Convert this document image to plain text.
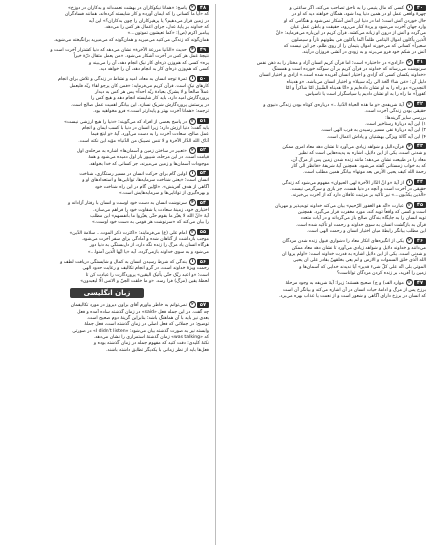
۴۰
۱
کسی که مال یتیمی را به ناحق تصاحب می‌کند، اگر ساعتی و

چهرهٔ واقعی عمل او در همین دنیا پیدا شود، همگان خواهند دید که او در
حال خوردن آتش است؛ اما در دنیا این آتش آشکار نمی‌شود و هنگامی که او
وارد جهان آخرت می‌شود و پردهٔ کنار می‌رود، حقیقت و باطن عمل عیان
می‌گردد و آتش از درون او زبانه می‌کشد. قرآن کریم در این‌باره می‌فرماید: «انّ
الّذین یأکلون اموال الیتامی ظلماً انّما یأکلون فی بطونهم ناراً و سیصلون
سعیراً» کسانی که می‌خورند اموال یتیمان را از روی ظلم، جز این نیست که
آتش در شکم خود فرو می‌برند و به زودی در آتشی فروزان درآیند.
۴۱
۲
«آزادی» در «اختیار» است؛ اما قرآن کریم انسان آزاد و مختار را به ذهن نفس

سرنوشت می‌رساند که خداوند در قرآن کریم بر آن سوگند خورده است و همسنگ
«خداوند یکسان کسی که آزادی و اختیار انسان آفریده شده است.» ازادی و اختیار انسان
دلیل آن: «مَن شاءَ اتّخذ الی ربّه سبیلا» و اختیار انسان می‌باشد. «و هدیناه
النجدین» دو راه را به او نشان داده‌ایم و «انّا هدیناه السّبیل امّا شاکراً و امّا
کفوراً» ما راه را به او نشان دادیم یا سپاسگزار است یا ناسپاس.
۴۲
۳
آیهٔ شریفه‌ی «و ما هذه الحیاة الدّنیا...» درباره‌ی کوتاه بودن زندگی دنیوی و

حقیقی بودن زندگی آخرت است.
بررسی سایر گزینه‌ها:
۱) این آیه دربارهٔ رستاخیز است.
۲) این آیه دربارهٔ نفی مسیر رسیدن به قرب الهی است.
۴) این آیه گالهٔ ویژگی بهشتیان و پاداش اعمال است.
۴۳
۴
قرآن‌دالیل و شواهد زیادی می‌آورد تا نشان دهد معاد امری ممکن

و شدنی است، یکی از این دلایل، اشاره به پدیده‌هایی است که نظیر
معاد را در طبیعت نشان می‌دهد؛ مانند زنده شدن زمین پس از مرگ آن،
که به خواب زمستانی گفته می‌شود. همچنین آیهٔ شریفهٔ «فانظر الی آثار
رحمة الله کیف یحیی الأرض بعد موتها» بیانگر همین مطلب است.
۴۴
۱
از آیهٔ «و انّ الدّار الآخرة لهی الحیوان» مفهوم می‌شود که زندگی

حقیقی در آخرت است و آنچه در دنیا هست، جز بازی و سرگرمی نیست.
«الّذین یکذّبون...» نیز تأکید بر مرتبت غافلان دارد که از آخرت بی‌خبرند.
۴۵
۳
عبارت «انّه هو الغفور الرّحیم» بیان می‌کند خداوند توبه‌پذیر و مهربان

است و کسی که واقعاً توبه کند، مورد مغفرت قرار می‌گیرد. همچنین
توبه انسان را به جایگاه بندگان صالح باز می‌گرداند و در آیات متعدد
قرآن به بازگشت انسان به سوی خداوند و رحمت او تأکید شده است.
این مطلب بیانگر رابطهٔ میان اختیار انسان و رحمت الهی است.
۴۶
۲
یکی از انگیزه‌های انکار معاد را دشواری قبول زنده شدن مردگان

می‌دانند و خداوند دلایل و شواهد زیادی می‌آورد تا نشان دهد معاد ممکن
و شدنی است. یکی از این دلایل اشاره به قدرت خداوند است: «اولم یروا ان
الله الّذی خلق السموات و الارض و لم یعی بخلقهنّ بقادر علی ان یحیی
الموتی بلی انّه علی کلّ شیء قدیر» آیا ندیدند خدایی که آسمان‌ها و
زمین را آفرید، بر زنده کردن مردگان تواناست؟
۴۷
۳
موارد الف) و ج) صحیح هستند؛ زیرا: آیهٔ شریفه به وجود مرحلهٔ

برزخ پس از مرگ و ادامهٔ حیات انسان در آن اشاره می‌کند و بیانگر آن است
که انسان در برزخ دارای آگاهی و شعور است و از نعمت یا عذاب بهره می‌برد.
۴۸
۲
پاسخ: «همانا نیکوکاران در بهشت نعمت‌اند و بدکاران در دوزخ»

که «آیا ما کسانی را که ایمان آورده و کار شایسته کرده‌اند، همانند فسادگران
در زمین قرار می‌دهیم؟ یا پرهیزکاران را چون بدکاران؟» این آیه
که خداوند بر پایهٔ عدل، جزای اعمال هر کس را می‌دهد.
پیامبر اکرم (ص): «کما تعیشون تموتون...»
همان‌گونه که زندگی می‌کنید می‌میرید و همان‌گونه که می‌میرید برانگیخته می‌شوید.
۴۹
۴
حدیث «الدّنیا مزرعة الآخرة» نشان می‌دهد که دنیا کشتزار آخرت است و

نتیجهٔ عمل هر کس در آخرت آشکار می‌شود. «من یعمل مثقال ذرّة خیراً
یره» کسی که هم‌وزن ذره‌ای کار نیک انجام دهد، آن را می‌بیند و
کسی که هم‌وزن ذره‌ای کار بد انجام دهد، آن را خواهد دید.
۵۰
۱
ثمرهٔ توجه انسان به معاد، امید و نشاط در زندگی و تلاش برای انجام

کارهای نیک است. قرآن کریم می‌فرماید: «فمن کان یرجو لقاء ربّه فلیعمل
عملاً صالحاً و لا یشرک بعبادة ربّه احداً» پس هر کس به دیدار
پروردگارش امید دارد، باید کار شایسته انجام دهد و هیچ کس را
در پرستش پروردگارش شریک نسازد. این بیانگر اهمیت عمل صالح است.
ترجمه: «همانا آخرت بهتر و پایدارتر است.» فرو مخواهید بود.
۵۱
۳
در پاسخ بعضی از افراد که می‌گویند: «دنیا را هیچ ارزشی نیست»

باید گفت: دنیا ارزش دارد؛ زیرا انسان در دنیا با کسب ایمان و انجام
عمل صالح، سعادت آخرت را به دست می‌آورد. آیهٔ «و ابتغ فیما
آتاک الله الدّار الآخرة و لا تنس نصیبک من الدّنیا» مؤید این نکته است.
۵۲
۲
«تعبیر در ساختن زمین و آسمان‌ها» اشاره به مرحله‌ی اول

قیامت است. در این مرحله، شیپور بار اول دمیده می‌شود و همهٔ
موجودات آسمان‌ها و زمین می‌میرند، جز کسانی که خدا بخواهد.
۵۳
۱
اولین گام برای حرکت انسان در مسیر رستگاری، شناخت

انسان است؛ «یعنی شناخت سرمایه‌ها، توانایی‌ها و استعدادهای او و
آگاهی از هدف آفرینش». «اوّلین گام در این راه شناخت خود
و بهره‌گیری از توانایی‌ها و سرمایه‌هایش است.»
۵۴
۴
سرنوشت انسان به دست خود اوست و انسان با رفتار آزادانه و

اختیاری خود، زمینهٔ سعادت یا شقاوت خود را فراهم می‌سازد.
آیهٔ «انّ الله لا یغیّر ما بقوم حتّی یغیّروا ما بأنفسهم» این مطلب
را بیان می‌کند که «سرنوشت هر قومی به دست خود اوست.»
۵۵
۳
امام علی (ع) می‌فرمایند: «اکثرت ذکر الموت... سلامة الدّین»

موجب بازداشت از گناهان شده و آمادگی برای سفر آخرت می‌شود.
هرگاه انسان یاد مرگ را زنده نگه دارد، از دل‌بستگی به دنیا دور
می‌شود و به سوی خداوند بازمی‌گردد. آیه «یا ایّها الّذین آمنوا...»
۵۶
۱
بندگی که شرط رسیدن انسان به کمال و شایستگی دریافت لطف و

رحمت ویژهٔ خداوند است، در گرو انجام تکالیف و رعایت حدود الهی
است؛ «و اعبد ربّک حتّی یأتیک الیقین» پروردگارت را عبادت کن تا
لحظهٔ یقین (مرگ) فرا رسد. «و ما خلقت الجنّ و الانس الّا لیعبدون»
زبان انگلیسی
۵۷
۲
نمی‌توانم به خاطر بیاورم آقای براون دیروز در مورد تکالیفمان

چه گفت. در این جمله فعل «said» در زمان گذشته ساده آمده و فعل
بعدی نیز باید با آن هماهنگ باشد؛ بنابراین گزینهٔ دوم صحیح است.
توضیح: در جملاتی که فعل اصلی در زمان گذشته است، فعل جملهٔ
وابسته نیز به صورت گذشته بیان می‌شود: «I didn't listen» در صورتی
که «was talking» زمان گذشتهٔ استمراری را نشان می‌دهد.
نکتهٔ کلیدی: دقت کنید که مفهوم جمله در زمان گذشته بوده و
فعل‌ها باید از نظر زمانی با یکدیگر تطابق داشته باشند.
